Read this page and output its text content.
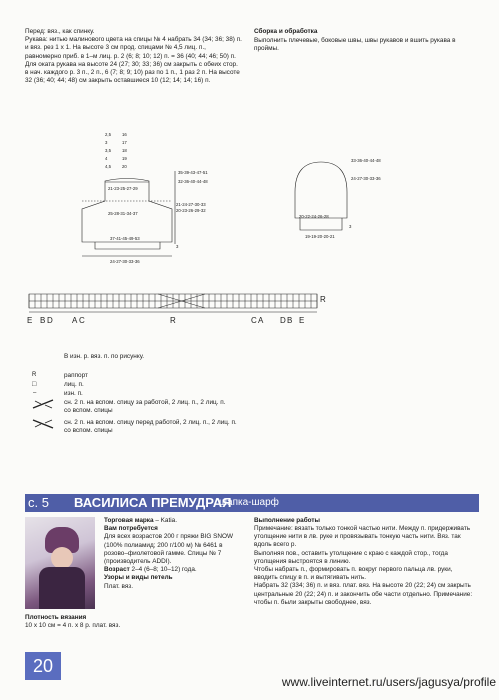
Перед: вяз., как спинку.
Рукава: нитью малинового цвета на спицы № 4 набрать 34 (34; 36; 38) п. и вяз. рез 1 х 1. На высоте 3 см прод. спицами № 4,5 лиц. п., равномерно приб. в 1–м лиц. р. 2 (6; 8; 10; 12) п. = 36 (40; 44; 46; 50) п. Для оката рукава на высоте 24 (27; 30; 33; 36) см закрыть с обеих стор. в нач. каждого р. 3 п., 2 п., 6 (7; 8; 9; 10) раз по 1 п., 1 раз 2 п. На высоте 32 (36; 40; 44; 48) см закрыть оставшиеся 10 (12; 14; 14; 16) п.
Сборка и обработка
Выполнить плечевые, боковые швы, швы рукавов и вшить рукава в проймы.
2,5
3
3,5
4
4,5
16
17
18
19
20
21-23-25-27-29
35-39-43-47-51
32-36-40-44-48
25-28-31-34-37
21-24-27-30-33
20-23-26-29-32
37-41-45-49-53
24-27-30-33-36
3
33-36-40-44-48
24-27-30-33-36
20-22-24-26-28
19-19-20-20-21
3
R
E B D A C	R	C A D B E
В изн. р. вяз. п. по рисунку.
R	раппорт
□	лиц. п.
–	изн. п.
сн. 2 п. на вспом. спицу за работой, 2 лиц. п., 2 лиц. п.
со вспом. спицы
сн. 2 п. на вспом. спицу перед работой, 2 лиц. п., 2 лиц. п.
со вспом. спицы
с. 5	ВАСИЛИСА ПРЕМУДРАЯ
шапка-шарф
Торговая марка – Katia.
Вам потребуется
Для всех возрастов 200 г пряжи BIG SNOW (100% полиамид; 200 г/100 м) № 6461 в розово–фиолетовой гамме. Спицы № 7 (производитель ADDI).
Возраст 2–4 (6–8; 10–12) года.
Узоры и виды петель
Плат. вяз.
Плотность вязания
10 х 10 см = 4 п. х 8 р. плат. вяз.
Выполнение работы
Примечание: вязать только тонкой частью нити. Между п. придерживать утолщение нити в лв. руке и провязывать тонкую часть нити. Вяз. так вдоль всего р.
Выполняя пов., оставить утолщение с краю с каждой стор., тогда утолщения выстроятся в линию.
Чтобы набрать п., формировать п. вокруг первого пальца лв. руки, вводить спицу в п. и вытягивать нить.
Набрать 32 (334; 36) п. и вяз. плат. вяз. На высоте 20 (22; 24) см закрыть центральные 20 (22; 24) п. и закончить обе части отдельно. Примечание: чтобы п. были закрыты свободнее, вяз.
20
www.liveinternet.ru/users/jagusya/profile
